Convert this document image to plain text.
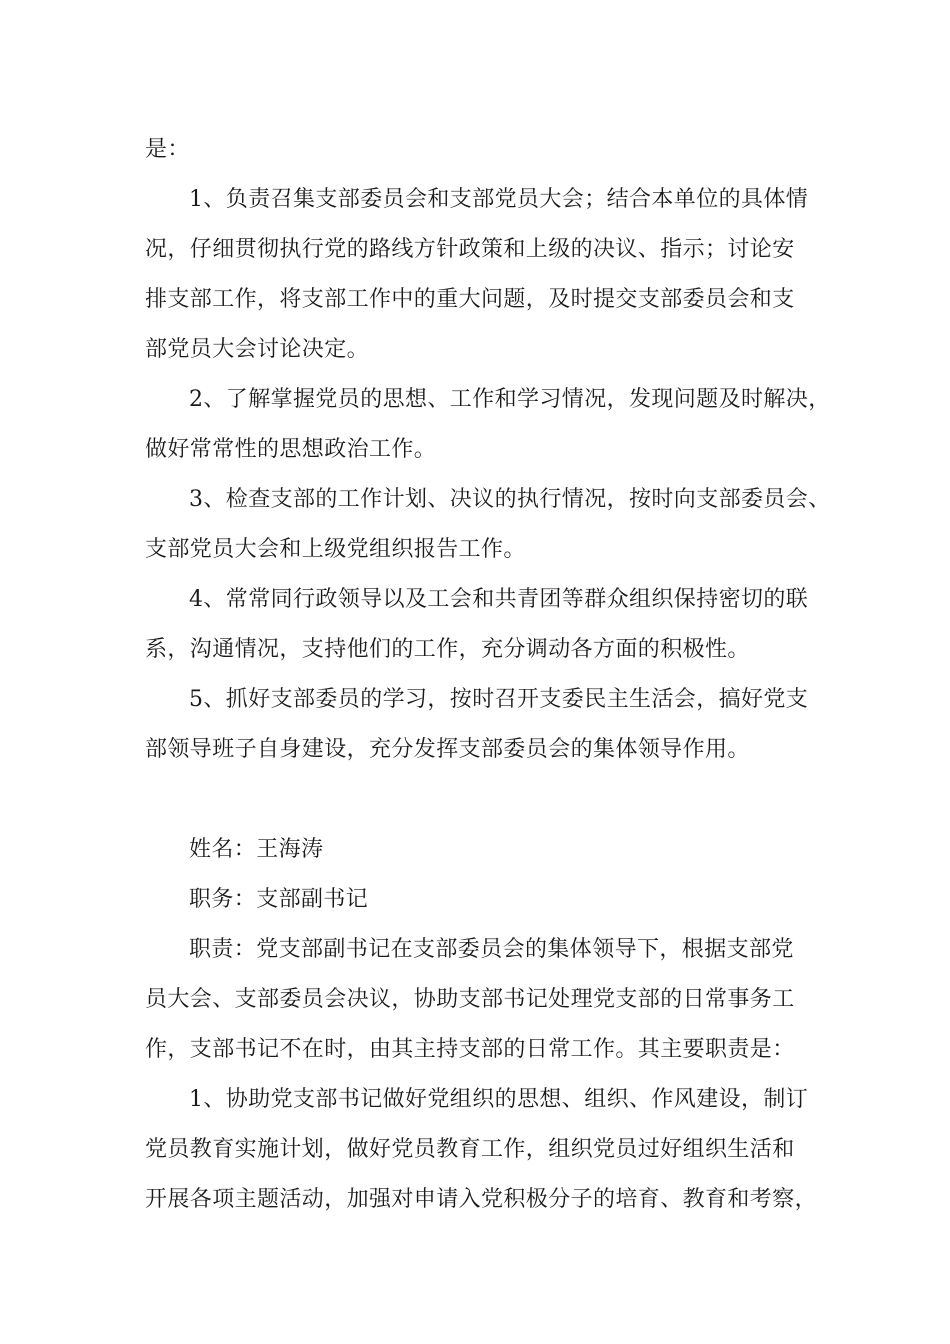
是：
1、负责召集支部委员会和支部党员大会；结合本单位的具体情
况，仔细贯彻执行党的路线方针政策和上级的决议、指示；讨论安
排支部工作，将支部工作中的重大问题，及时提交支部委员会和支
部党员大会讨论决定。
2、了解掌握党员的思想、工作和学习情况，发现问题及时解决，
做好常常性的思想政治工作。
3、检查支部的工作计划、决议的执行情况，按时向支部委员会、
支部党员大会和上级党组织报告工作。
4、常常同行政领导以及工会和共青团等群众组织保持密切的联
系，沟通情况，支持他们的工作，充分调动各方面的积极性。
5、抓好支部委员的学习，按时召开支委民主生活会，搞好党支
部领导班子自身建设，充分发挥支部委员会的集体领导作用。
姓名：王海涛
职务：支部副书记
职责：党支部副书记在支部委员会的集体领导下，根据支部党
员大会、支部委员会决议，协助支部书记处理党支部的日常事务工
作，支部书记不在时，由其主持支部的日常工作。其主要职责是：
1、协助党支部书记做好党组织的思想、组织、作风建设，制订
党员教育实施计划，做好党员教育工作，组织党员过好组织生活和
开展各项主题活动，加强对申请入党积极分子的培育、教育和考察，
